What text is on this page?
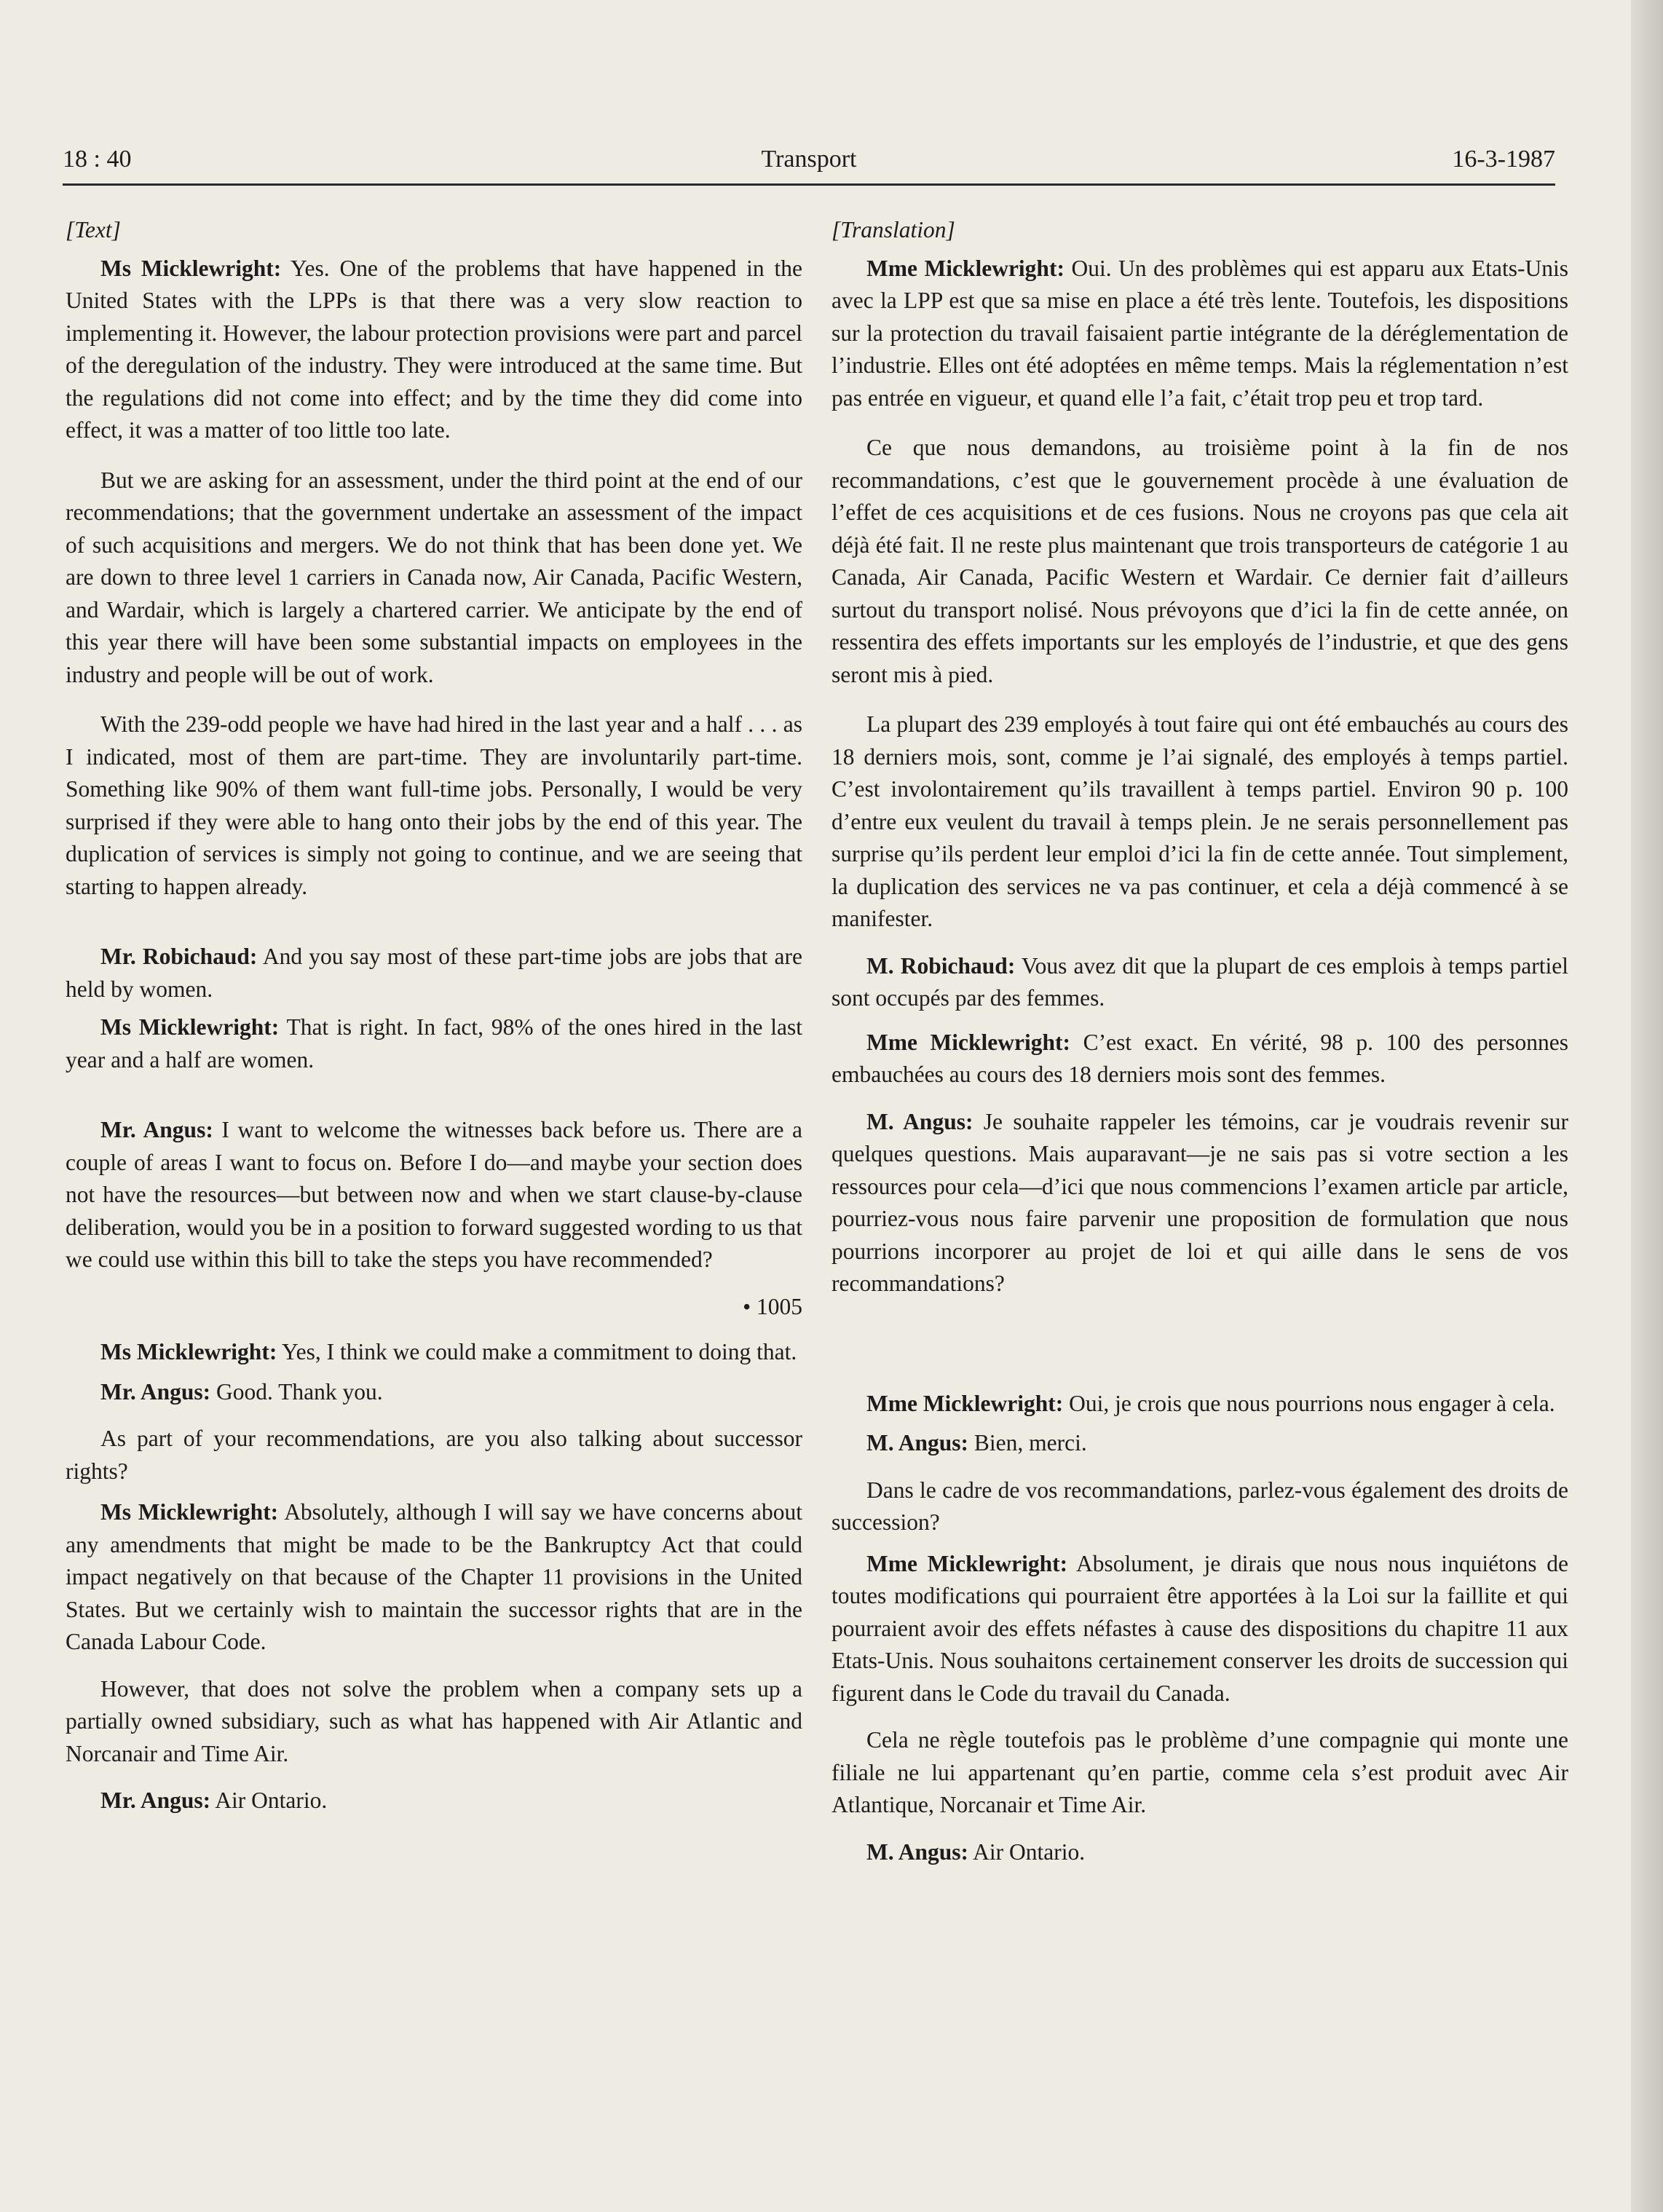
18 : 40	Transport	16-3-1987

[Text]

Ms Micklewright: Yes. One of the problems that have happened in the United States with the LPPs is that there was a very slow reaction to implementing it. However, the labour protection provisions were part and parcel of the deregulation of the industry. They were introduced at the same time. But the regulations did not come into effect; and by the time they did come into effect, it was a matter of too little too late.

But we are asking for an assessment, under the third point at the end of our recommendations; that the government undertake an assessment of the impact of such acquisitions and mergers. We do not think that has been done yet. We are down to three level 1 carriers in Canada now, Air Canada, Pacific Western, and Wardair, which is largely a chartered carrier. We anticipate by the end of this year there will have been some substantial impacts on employees in the industry and people will be out of work.

With the 239-odd people we have had hired in the last year and a half . . . as I indicated, most of them are part-time. They are involuntarily part-time. Something like 90% of them want full-time jobs. Personally, I would be very surprised if they were able to hang onto their jobs by the end of this year. The duplication of services is simply not going to continue, and we are seeing that starting to happen already.

Mr. Robichaud: And you say most of these part-time jobs are jobs that are held by women.

Ms Micklewright: That is right. In fact, 98% of the ones hired in the last year and a half are women.

Mr. Angus: I want to welcome the witnesses back before us. There are a couple of areas I want to focus on. Before I do—and maybe your section does not have the resources—but between now and when we start clause-by-clause deliberation, would you be in a position to forward suggested wording to us that we could use within this bill to take the steps you have recommended?

• 1005

Ms Micklewright: Yes, I think we could make a commitment to doing that.

Mr. Angus: Good. Thank you.

As part of your recommendations, are you also talking about successor rights?

Ms Micklewright: Absolutely, although I will say we have concerns about any amendments that might be made to be the Bankruptcy Act that could impact negatively on that because of the Chapter 11 provisions in the United States. But we certainly wish to maintain the successor rights that are in the Canada Labour Code.

However, that does not solve the problem when a company sets up a partially owned subsidiary, such as what has happened with Air Atlantic and Norcanair and Time Air.

Mr. Angus: Air Ontario.

[Translation]

Mme Micklewright: Oui. Un des problèmes qui est apparu aux Etats-Unis avec la LPP est que sa mise en place a été très lente. Toutefois, les dispositions sur la protection du travail faisaient partie intégrante de la déréglementation de l’industrie. Elles ont été adoptées en même temps. Mais la réglementation n’est pas entrée en vigueur, et quand elle l’a fait, c’était trop peu et trop tard.

Ce que nous demandons, au troisième point à la fin de nos recommandations, c’est que le gouvernement procède à une évaluation de l’effet de ces acquisitions et de ces fusions. Nous ne croyons pas que cela ait déjà été fait. Il ne reste plus maintenant que trois transporteurs de catégorie 1 au Canada, Air Canada, Pacific Western et Wardair. Ce dernier fait d’ailleurs surtout du transport nolisé. Nous prévoyons que d’ici la fin de cette année, on ressentira des effets importants sur les employés de l’industrie, et que des gens seront mis à pied.

La plupart des 239 employés à tout faire qui ont été embauchés au cours des 18 derniers mois, sont, comme je l’ai signalé, des employés à temps partiel. C’est involontairement qu’ils travaillent à temps partiel. Environ 90 p. 100 d’entre eux veulent du travail à temps plein. Je ne serais personnellement pas surprise qu’ils perdent leur emploi d’ici la fin de cette année. Tout simplement, la duplication des services ne va pas continuer, et cela a déjà commencé à se manifester.

M. Robichaud: Vous avez dit que la plupart de ces emplois à temps partiel sont occupés par des femmes.

Mme Micklewright: C’est exact. En vérité, 98 p. 100 des personnes embauchées au cours des 18 derniers mois sont des femmes.

M. Angus: Je souhaite rappeler les témoins, car je voudrais revenir sur quelques questions. Mais auparavant—je ne sais pas si votre section a les ressources pour cela—d’ici que nous commencions l’examen article par article, pourriez-vous nous faire parvenir une proposition de formulation que nous pourrions incorporer au projet de loi et qui aille dans le sens de vos recommandations?

Mme Micklewright: Oui, je crois que nous pourrions nous engager à cela.

M. Angus: Bien, merci.

Dans le cadre de vos recommandations, parlez-vous également des droits de succession?

Mme Micklewright: Absolument, je dirais que nous nous inquiétons de toutes modifications qui pourraient être apportées à la Loi sur la faillite et qui pourraient avoir des effets néfastes à cause des dispositions du chapitre 11 aux Etats-Unis. Nous souhaitons certainement conserver les droits de succession qui figurent dans le Code du travail du Canada.

Cela ne règle toutefois pas le problème d’une compagnie qui monte une filiale ne lui appartenant qu’en partie, comme cela s’est produit avec Air Atlantique, Norcanair et Time Air.

M. Angus: Air Ontario.
